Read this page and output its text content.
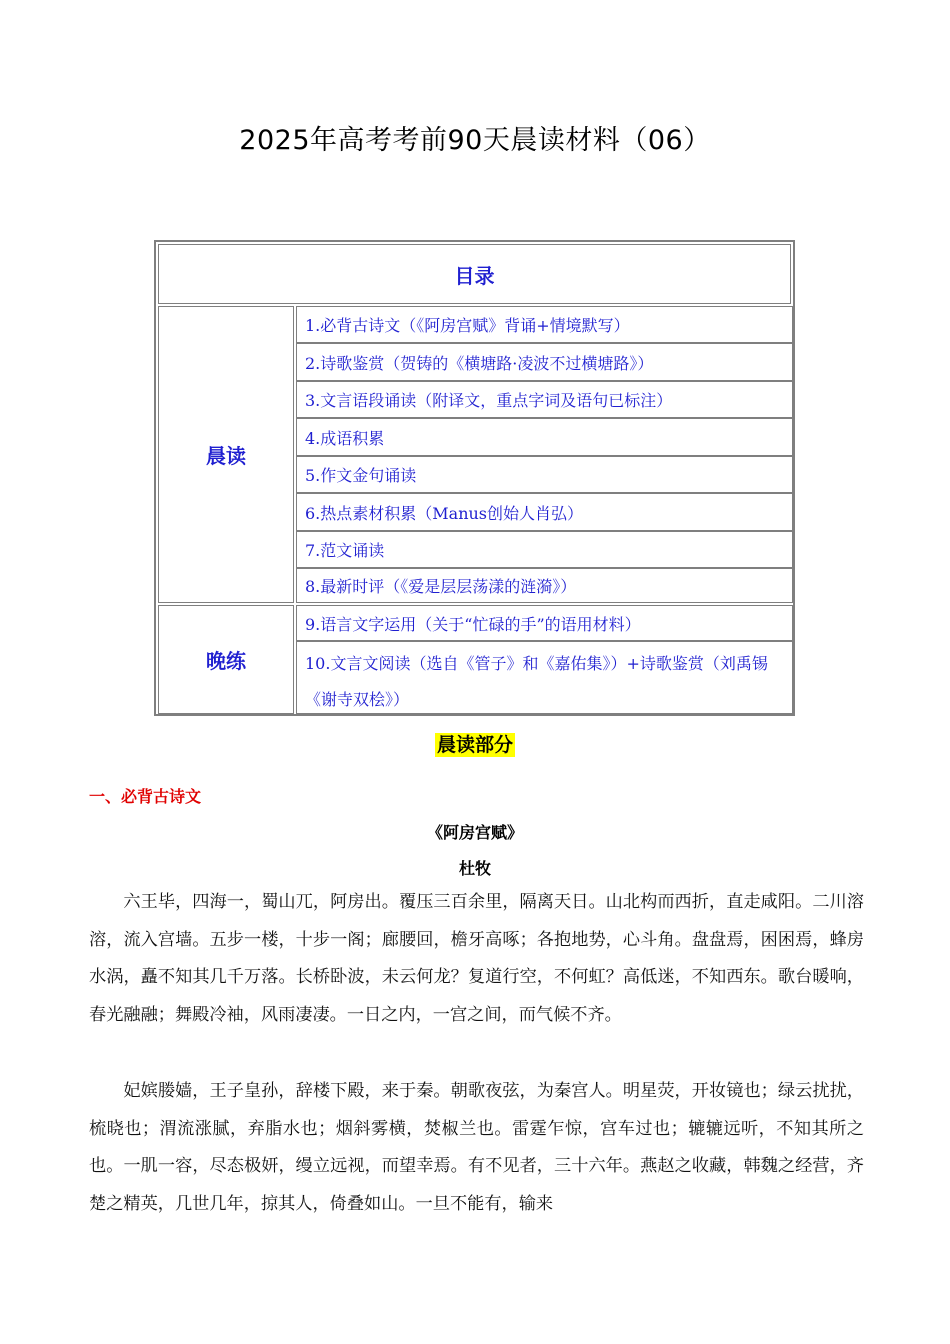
2025年高考考前90天晨读材料（06）
目录
晨读
晚练
1.必背古诗文（《阿房宫赋》背诵+情境默写）
2.诗歌鉴赏（贺铸的《横塘路·凌波不过横塘路》）
3.文言语段诵读（附译文，重点字词及语句已标注）
4.成语积累
5.作文金句诵读
6.热点素材积累（Manus创始人肖弘）
7.范文诵读
8.最新时评（《爱是层层荡漾的涟漪》）
9.语言文字运用（关于“忙碌的手”的语用材料）
10.文言文阅读（选自《管子》和《嘉佑集》）+诗歌鉴赏（刘禹锡《谢寺双桧》）
晨读部分
一、必背古诗文
《阿房宫赋》
杜牧

六王毕，四海一，蜀山兀，阿房出。覆压三百余里，隔离天日。山北构而西折，直走咸阳。二川溶溶，流入宫墙。五步一楼，十步一阁；廊腰回，檐牙高啄；各抱地势，心斗角。盘盘焉，困困焉，蜂房水涡，矗不知其几千万落。长桥卧波，未云何龙？复道行空，不何虹？高低迷，不知西东。歌台暖响，春光融融；舞殿冷袖，风雨凄凄。一日之内，一宫之间，而气候不齐。

妃嫔媵嫱，王子皇孙，辞楼下殿，来于秦。朝歌夜弦，为秦宫人。明星荧，开妆镜也；绿云扰扰，梳晓也；渭流涨腻，弃脂水也；烟斜雾横，焚椒兰也。雷霆乍惊，宫车过也；辘辘远听，不知其所之也。一肌一容，尽态极妍，缦立远视，而望幸焉。有不见者，三十六年。燕赵之收藏，韩魏之经营，齐楚之精英，几世几年，掠其人，倚叠如山。一旦不能有，输来
